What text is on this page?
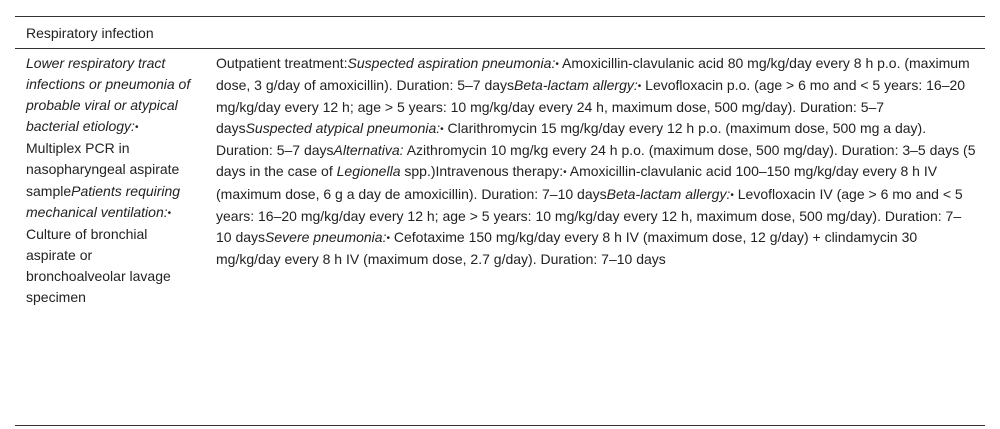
Respiratory infection
Lower respiratory tract infections or pneumonia of probable viral or atypical bacterial etiology:• Multiplex PCR in nasopharyngeal aspirate samplePatients requiring mechanical ventilation:• Culture of bronchial aspirate or bronchoalveolar lavage specimen
Outpatient treatment:Suspected aspiration pneumonia:• Amoxicillin-clavulanic acid 80 mg/kg/day every 8 h p.o. (maximum dose, 3 g/day of amoxicillin). Duration: 5–7 daysBeta-lactam allergy:• Levofloxacin p.o. (age > 6 mo and < 5 years: 16–20 mg/kg/day every 12 h; age > 5 years: 10 mg/kg/day every 24 h, maximum dose, 500 mg/day). Duration: 5–7 daysSuspected atypical pneumonia:• Clarithromycin 15 mg/kg/day every 12 h p.o. (maximum dose, 500 mg a day). Duration: 5–7 daysAlternativa: Azithromycin 10 mg/kg every 24 h p.o. (maximum dose, 500 mg/day). Duration: 3–5 days (5 days in the case of Legionella spp.)Intravenous therapy:• Amoxicillin-clavulanic acid 100–150 mg/kg/day every 8 h IV (maximum dose, 6 g a day de amoxicillin). Duration: 7–10 daysBeta-lactam allergy:• Levofloxacin IV (age > 6 mo and < 5 years: 16–20 mg/kg/day every 12 h; age > 5 years: 10 mg/kg/day every 12 h, maximum dose, 500 mg/day). Duration: 7–10 daysSevere pneumonia:• Cefotaxime 150 mg/kg/day every 8 h IV (maximum dose, 12 g/day) + clindamycin 30 mg/kg/day every 8 h IV (maximum dose, 2.7 g/day). Duration: 7–10 days
